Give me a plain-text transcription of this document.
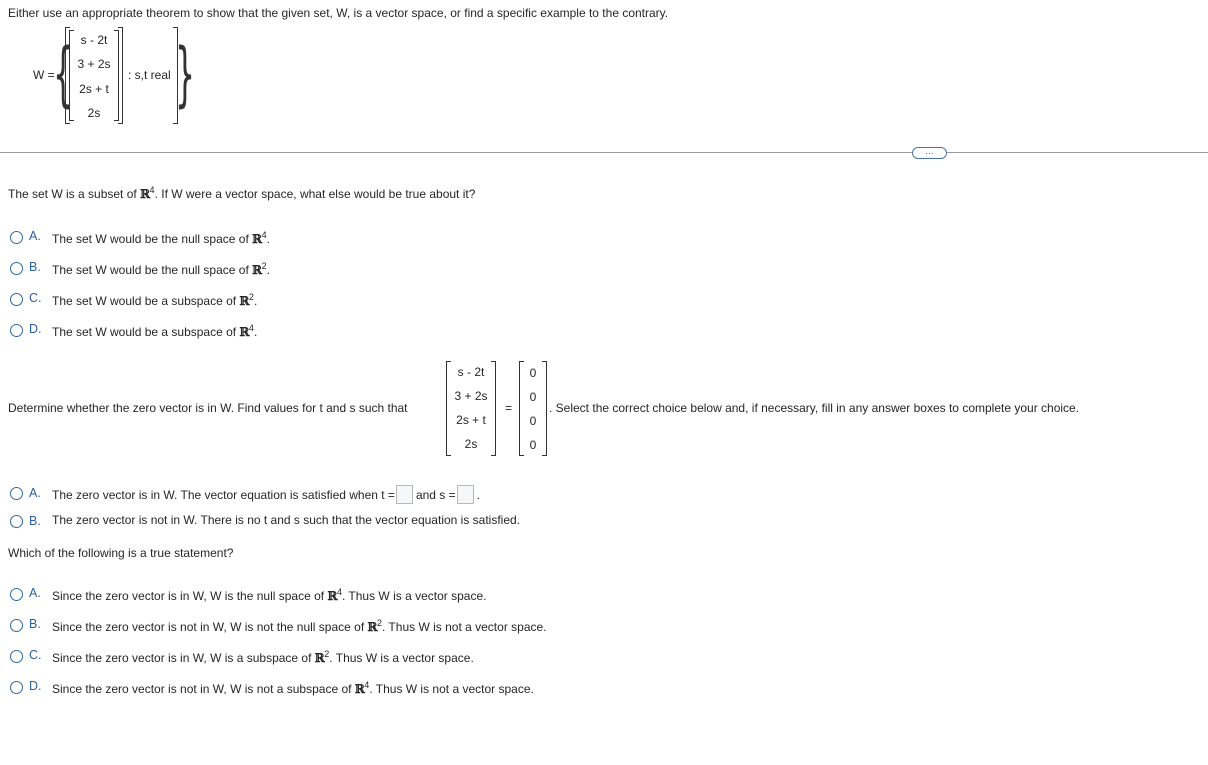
Either use an appropriate theorem to show that the given set, W, is a vector space, or find a specific example to the contrary.
W =
{ s - 2t
3 + 2s
2s + t
2s
: s,t real }
…
The set W is a subset of ℝ$^4$. If W were a vector space, what else would be true about it?
A. The set W would be the null space of ℝ$^4$.
B. The set W would be the null space of ℝ$^2$.
C. The set W would be a subspace of ℝ$^2$.
D. The set W would be a subspace of ℝ$^4$.
Determine whether the zero vector is in W. Find values for t and s such that
s - 2t
3 + 2s
2s + t
2s
=
0
0
0
0
. Select the correct choice below and, if necessary, fill in any answer boxes to complete your choice.
A. The zero vector is in W. The vector equation is satisfied when t = and s = .
B. The zero vector is not in W. There is no t and s such that the vector equation is satisfied.
Which of the following is a true statement?
A. Since the zero vector is in W, W is the null space of ℝ$^4$. Thus W is a vector space.
B. Since the zero vector is not in W, W is not the null space of ℝ$^2$. Thus W is not a vector space.
C. Since the zero vector is in W, W is a subspace of ℝ$^2$. Thus W is a vector space.
D. Since the zero vector is not in W, W is not a subspace of ℝ$^4$. Thus W is not a vector space.
